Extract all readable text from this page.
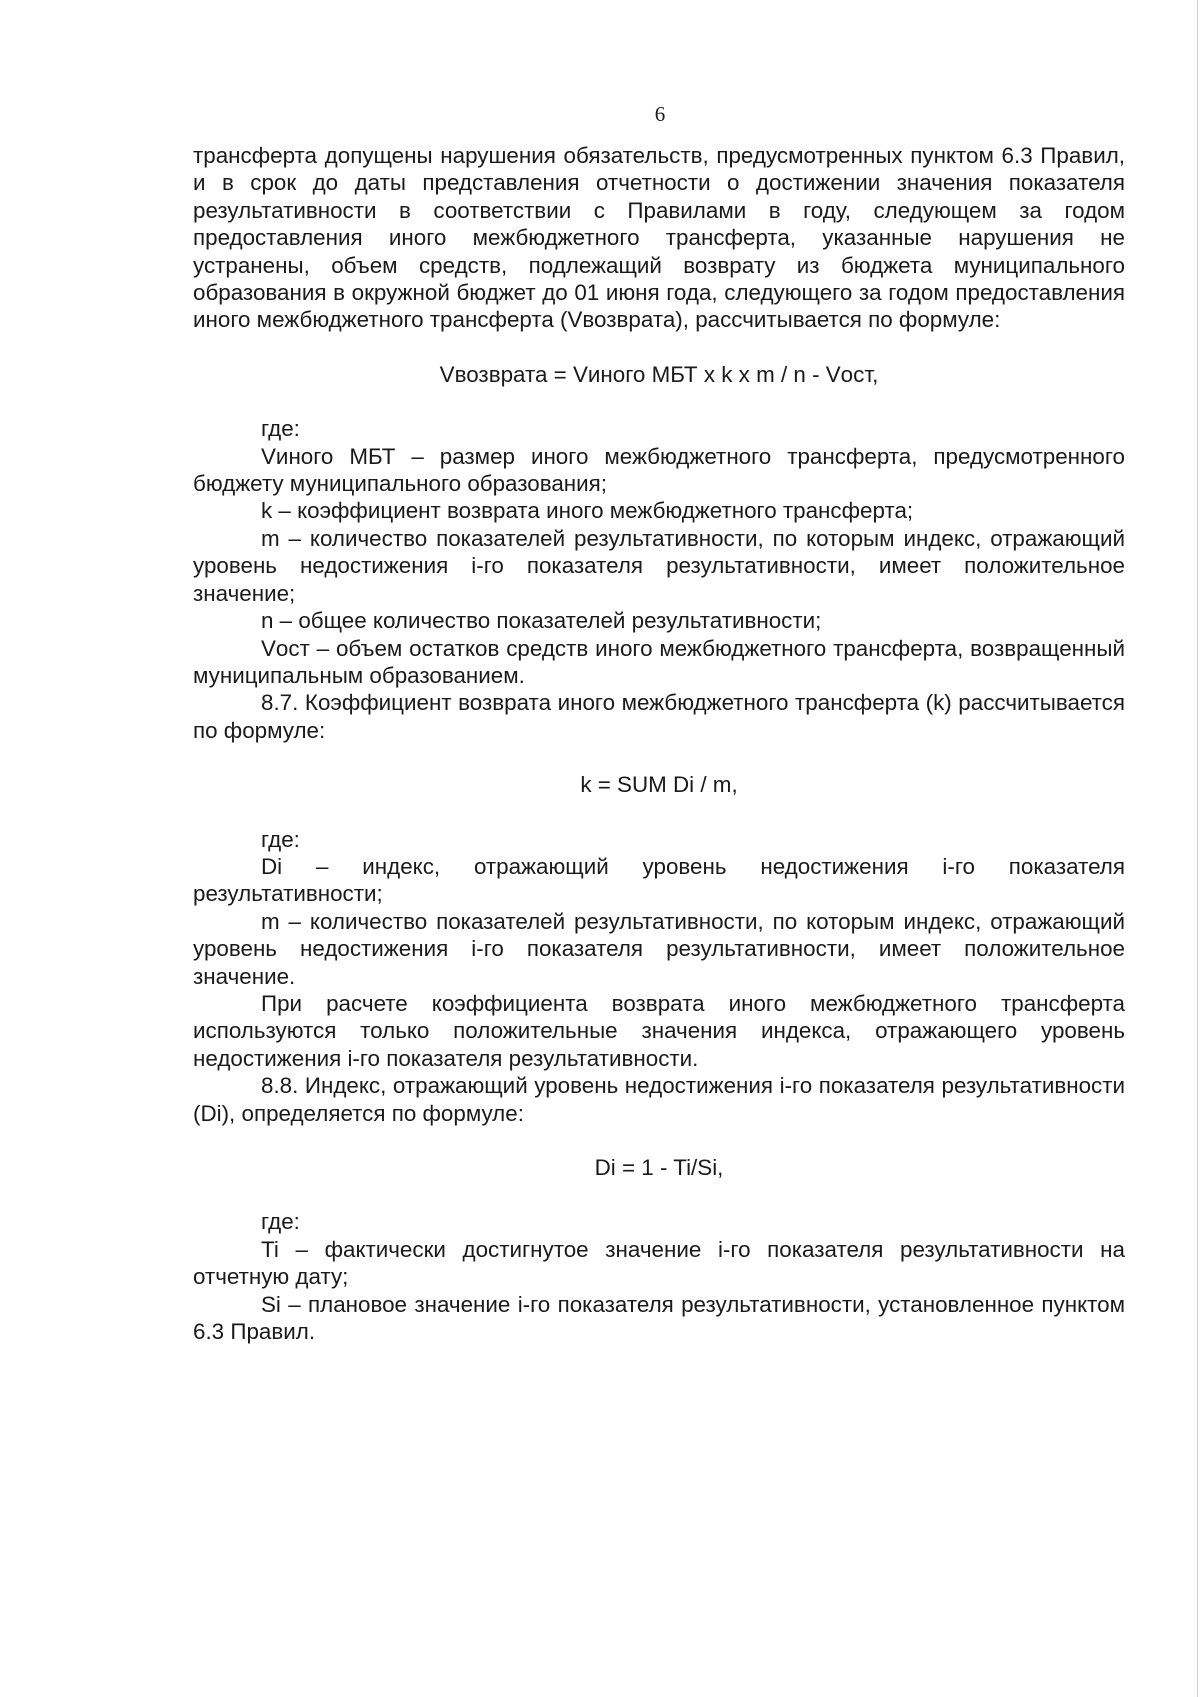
6

трансферта допущены нарушения обязательств, предусмотренных пунктом 6.3 Правил, и в срок до даты представления отчетности о достижении значения показателя результативности в соответствии с Правилами в году, следующем за годом предоставления иного межбюджетного трансферта, указанные нарушения не устранены, объем средств, подлежащий возврату из бюджета муниципального образования в окружной бюджет до 01 июня года, следующего за годом предоставления иного межбюджетного трансферта (Vвозврата), рассчитывается по формуле:

Vвозврата = Vиного МБТ x k x m / n - Vост,

где:

Vиного МБТ – размер иного межбюджетного трансферта, предусмотренного бюджету муниципального образования;

k – коэффициент возврата иного межбюджетного трансферта;

m – количество показателей результативности, по которым индекс, отражающий уровень недостижения i-го показателя результативности, имеет положительное значение;

n – общее количество показателей результативности;

Vост – объем остатков средств иного межбюджетного трансферта, возвращенный муниципальным образованием.

8.7. Коэффициент возврата иного межбюджетного трансферта (k) рассчитывается по формуле:

k = SUM Di / m,

где:

Di – индекс, отражающий уровень недостижения i-го показателя результативности;

m – количество показателей результативности, по которым индекс, отражающий уровень недостижения i-го показателя результативности, имеет положительное значение.

При расчете коэффициента возврата иного межбюджетного трансферта используются только положительные значения индекса, отражающего уровень недостижения i-го показателя результативности.

8.8. Индекс, отражающий уровень недостижения i-го показателя результативности (Di), определяется по формуле:

Di = 1 - Ti/Si,

где:

Ti – фактически достигнутое значение i-го показателя результативности на отчетную дату;

Si – плановое значение i-го показателя результативности, установленное пунктом 6.3 Правил.
